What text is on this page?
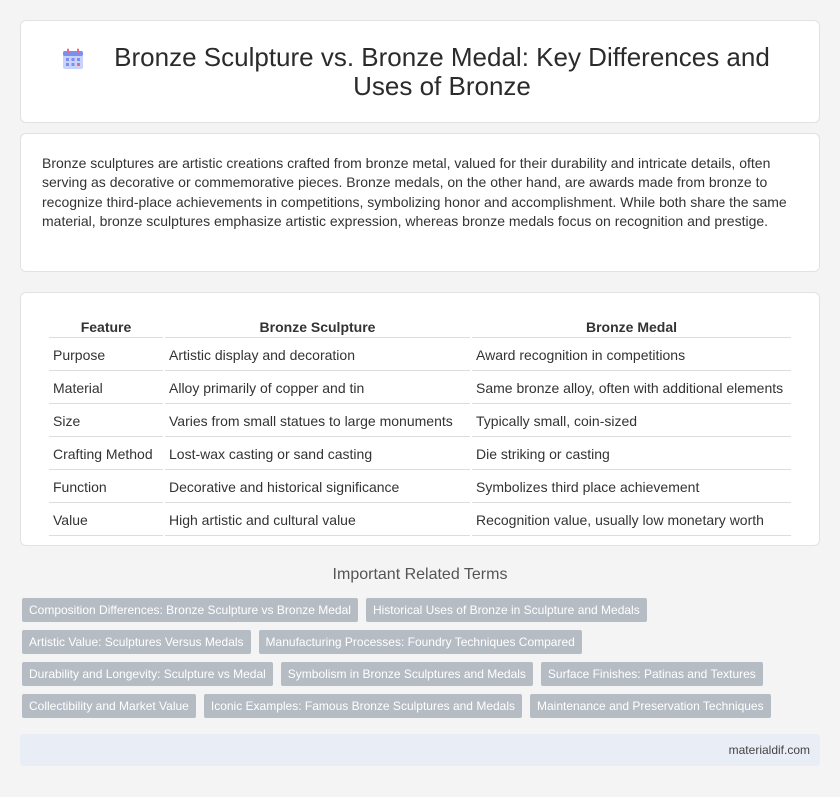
Bronze Sculpture vs. Bronze Medal: Key Differences and Uses of Bronze

Bronze sculptures are artistic creations crafted from bronze metal, valued for their durability and intricate details, often serving as decorative or commemorative pieces. Bronze medals, on the other hand, are awards made from bronze to recognize third-place achievements in competitions, symbolizing honor and accomplishment. While both share the same material, bronze sculptures emphasize artistic expression, whereas bronze medals focus on recognition and prestige.

Feature	Bronze Sculpture	Bronze Medal
Purpose	Artistic display and decoration	Award recognition in competitions
Material	Alloy primarily of copper and tin	Same bronze alloy, often with additional elements
Size	Varies from small statues to large monuments	Typically small, coin-sized
Crafting Method	Lost-wax casting or sand casting	Die striking or casting
Function	Decorative and historical significance	Symbolizes third place achievement
Value	High artistic and cultural value	Recognition value, usually low monetary worth
Important Related Terms
Composition Differences: Bronze Sculpture vs Bronze Medal	Historical Uses of Bronze in Sculpture and Medals
Artistic Value: Sculptures Versus Medals	Manufacturing Processes: Foundry Techniques Compared
Durability and Longevity: Sculpture vs Medal	Symbolism in Bronze Sculptures and Medals	Surface Finishes: Patinas and Textures
Collectibility and Market Value	Iconic Examples: Famous Bronze Sculptures and Medals	Maintenance and Preservation Techniques
materialdif.com
